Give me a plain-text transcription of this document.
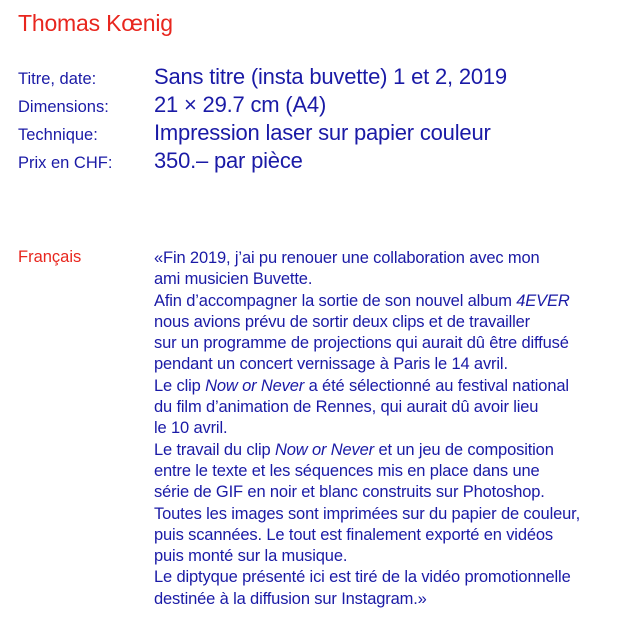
Thomas Kœnig
Titre, date:	Sans titre (insta buvette) 1 et 2, 2019
Dimensions:	21 × 29.7 cm (A4)
Technique:	Impression laser sur papier couleur
Prix en CHF:	350.– par pièce
Français	«Fin 2019, j’ai pu renouer une collaboration avec mon

ami musicien Buvette.

Afin d’accompagner la sortie de son nouvel album 4EVER

nous avions prévu de sortir deux clips et de travailler

sur un programme de projections qui aurait dû être diffusé

pendant un concert vernissage à Paris le 14 avril.

Le clip Now or Never a été sélectionné au festival national

du film d’animation de Rennes, qui aurait dû avoir lieu

le 10 avril.

Le travail du clip Now or Never et un jeu de composition

entre le texte et les séquences mis en place dans une

série de GIF en noir et blanc construits sur Photoshop.

Toutes les images sont imprimées sur du papier de couleur,

puis scannées. Le tout est finalement exporté en vidéos

puis monté sur la musique.

Le diptyque présenté ici est tiré de la vidéo promotionnelle

destinée à la diffusion sur Instagram.»
